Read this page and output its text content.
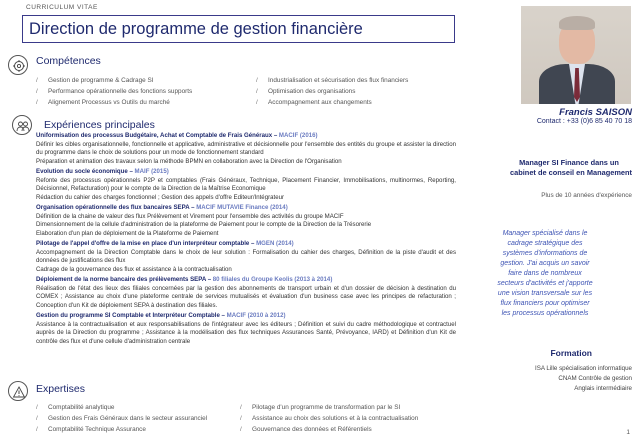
CURRICULUM VITAE
Direction de programme de gestion financière
Compétences
/ Gestion de programme & Cadrage SI
/ Performance opérationnelle des fonctions supports
/ Alignement Processus vs Outils du marché
/ Industrialisation et sécurisation des flux financiers
/ Optimisation des organisations
/ Accompagnement aux changements
Expériences principales
Uniformisation des processus Budgétaire, Achat et Comptable de Frais Généraux – MACIF (2016)

Définir les cibles organisationnelle, fonctionnelle et applicative, administrative et décisionnelle pour l'ensemble des entités du groupe et assister la direction du programme dans le choix de solutions pour un mode de fonctionnement standard

Préparation et animation des travaux selon la méthode BPMN en collaboration avec la Direction de l'Organisation

Evolution du socle économique – MAIF (2015)

Refonte des processus opérationnels P2P et comptables (Frais Généraux, Technique, Placement Financier, Immobilisations, multinormes, Reporting, Décisionnel, Refacturation) pour le compte de la Direction de la Maîtrise Economique

Rédaction du cahier des charges fonctionnel ; Gestion des appels d'offre Editeur/Intégrateur

Organisation opérationnelle des flux bancaires SEPA – MACIF MUTAVIE Finance (2014)

Définition de la chaine de valeur des flux Prélèvement et Virement pour l'ensemble des activités du groupe MACIF

Dimensionnement de la cellule d'administration de la plateforme de Paiement pour le compte de la Direction de la Trésorerie

Elaboration d'un plan de déploiement de la Plateforme de Paiement

Pilotage de l'appel d'offre de la mise en place d'un interpréteur comptable – MGEN (2014)

Accompagnement de la Direction Comptable dans le choix de leur solution : Formalisation du cahier des charges, Définition de la piste d'audit et des données de justifications des flux

Cadrage de la gouvernance des flux et assistance à la contractualisation

Déploiement de la norme bancaire des prélèvements SEPA – 80 filiales du Groupe Keolis (2013 à 2014)

Réalisation de l'état des lieux des filiales concernées par la gestion des abonnements de transport urbain et d'un dossier de décision à destination du COMEX ; Assistance au choix d'une plateforme centrale de services mutualisés et évaluation d'un business case avec les principes de refacturation ; Conception d'un Kit de déploiement SEPA à destination des filiales.

Gestion du programme SI Comptable et Interpréteur Comptable – MACIF (2010 à 2012)

Assistance à la contractualisation et aux responsabilisations de l'intégrateur avec les éditeurs ; Définition et suivi du cadre méthodologique et contractuel auprès de la Direction du programme ; Assistance à la modélisation des flux techniques Assurances Santé, Prévoyance, IARD) et Définition d'un Kit de contrôle des flux et d'une cellule d'administration centrale

Expertises
/ Comptabilité analytique
/ Gestion des Frais Généraux dans le secteur assuranciel
/ Comptabilité Technique Assurance
/ Pilotage d'un programme de transformation par le SI
/ Assistance au choix des solutions et à la contractualisation
/ Gouvernance des données et Référentiels
Francis SAISON
Contact : +33 (0)6 85 40 70 18
Manager SI Finance dans un
cabinet de conseil en Management
Plus de 10 années d'expérience
Manager spécialisé dans le
cadrage stratégique des
systèmes d'informations de
gestion. J'ai acquis un savoir
faire dans de nombreux
secteurs d'activités et j'apporte
une vision transversale sur les
flux financiers pour optimiser
les processus opérationnels
Formation
ISA Lille spécialisation informatique
CNAM Contrôle de gestion
Anglais intermédiaire
1
